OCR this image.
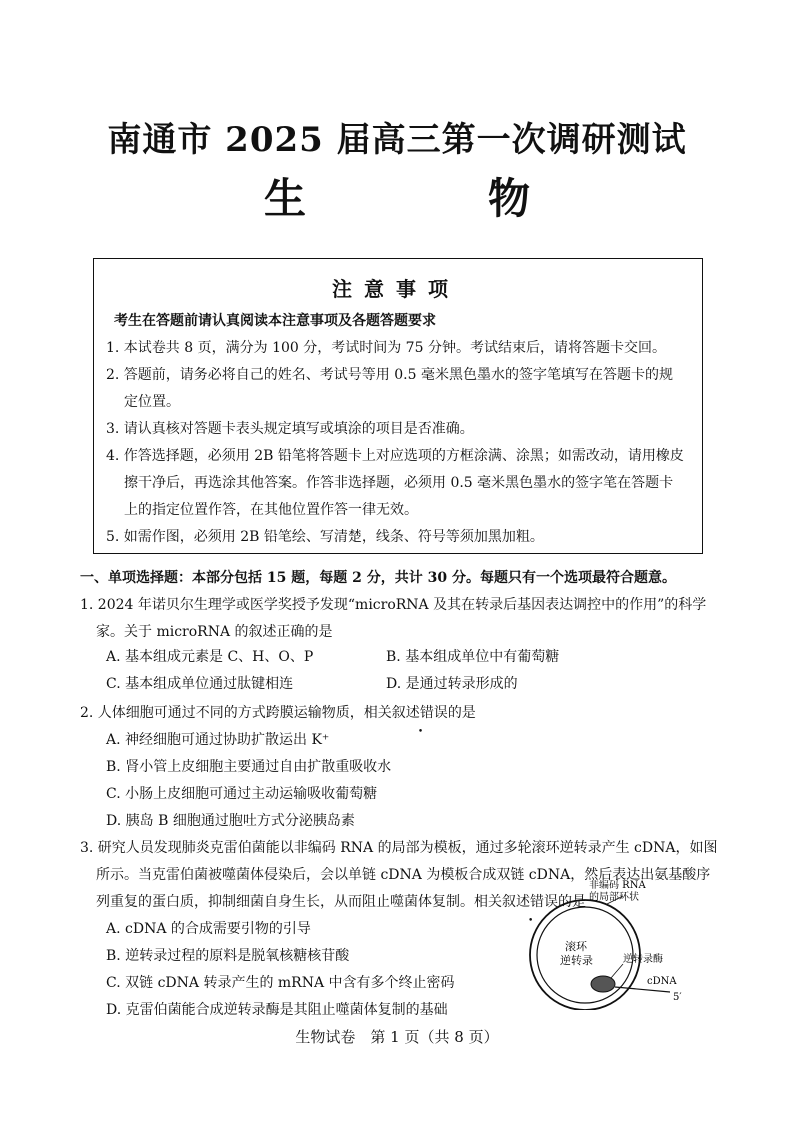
南通市 2025 届高三第一次调研测试
生　物
注意事项
考生在答题前请认真阅读本注意事项及各题答题要求
1. 本试卷共 8 页，满分为 100 分，考试时间为 75 分钟。考试结束后，请将答题卡交回。
2. 答题前，请务必将自己的姓名、考试号等用 0.5 毫米黑色墨水的签字笔填写在答题卡的规定位置。
3. 请认真核对答题卡表头规定填写或填涂的项目是否准确。
4. 作答选择题，必须用 2B 铅笔将答题卡上对应选项的方框涂满、涂黑；如需改动，请用橡皮擦干净后，再选涂其他答案。作答非选择题，必须用 0.5 毫米黑色墨水的签字笔在答题卡上的指定位置作答，在其他位置作答一律无效。
5. 如需作图，必须用 2B 铅笔绘、写清楚，线条、符号等须加黑加粗。
一、单项选择题：本部分包括 15 题，每题 2 分，共计 30 分。每题只有一个选项最符合题意。
1. 2024 年诺贝尔生理学或医学奖授予发现“microRNA 及其在转录后基因表达调控中的作用”的科学家。关于 microRNA 的叙述正确的是
A. 基本组成元素是 C、H、O、P	B. 基本组成单位中有葡萄糖
C. 基本组成单位通过肽键相连	D. 是通过转录形成的
2. 人体细胞可通过不同的方式跨膜运输物质，相关叙述错误的是
A. 神经细胞可通过协助扩散运出 K⁺
B. 肾小管上皮细胞主要通过自由扩散重吸收水
C. 小肠上皮细胞可通过主动运输吸收葡萄糖
D. 胰岛 B 细胞通过胞吐方式分泌胰岛素
3. 研究人员发现肺炎克雷伯菌能以非编码 RNA 的局部为模板，通过多轮滚环逆转录产生 cDNA，如图所示。当克雷伯菌被噬菌体侵染后，会以单链 cDNA 为模板合成双链 cDNA，然后表达出氨基酸序列重复的蛋白质，抑制细菌自身生长，从而阻止噬菌体复制。相关叙述错误的是
A. cDNA 的合成需要引物的引导
B. 逆转录过程的原料是脱氧核糖核苷酸
C. 双链 cDNA 转录产生的 mRNA 中含有多个终止密码
D. 克雷伯菌能合成逆转录酶是其阻止噬菌体复制的基础
非编码 RNA
的局部环状
滚环
逆转录	逆转录酶
cDNA
5′
生物试卷　第 1 页（共 8 页）
